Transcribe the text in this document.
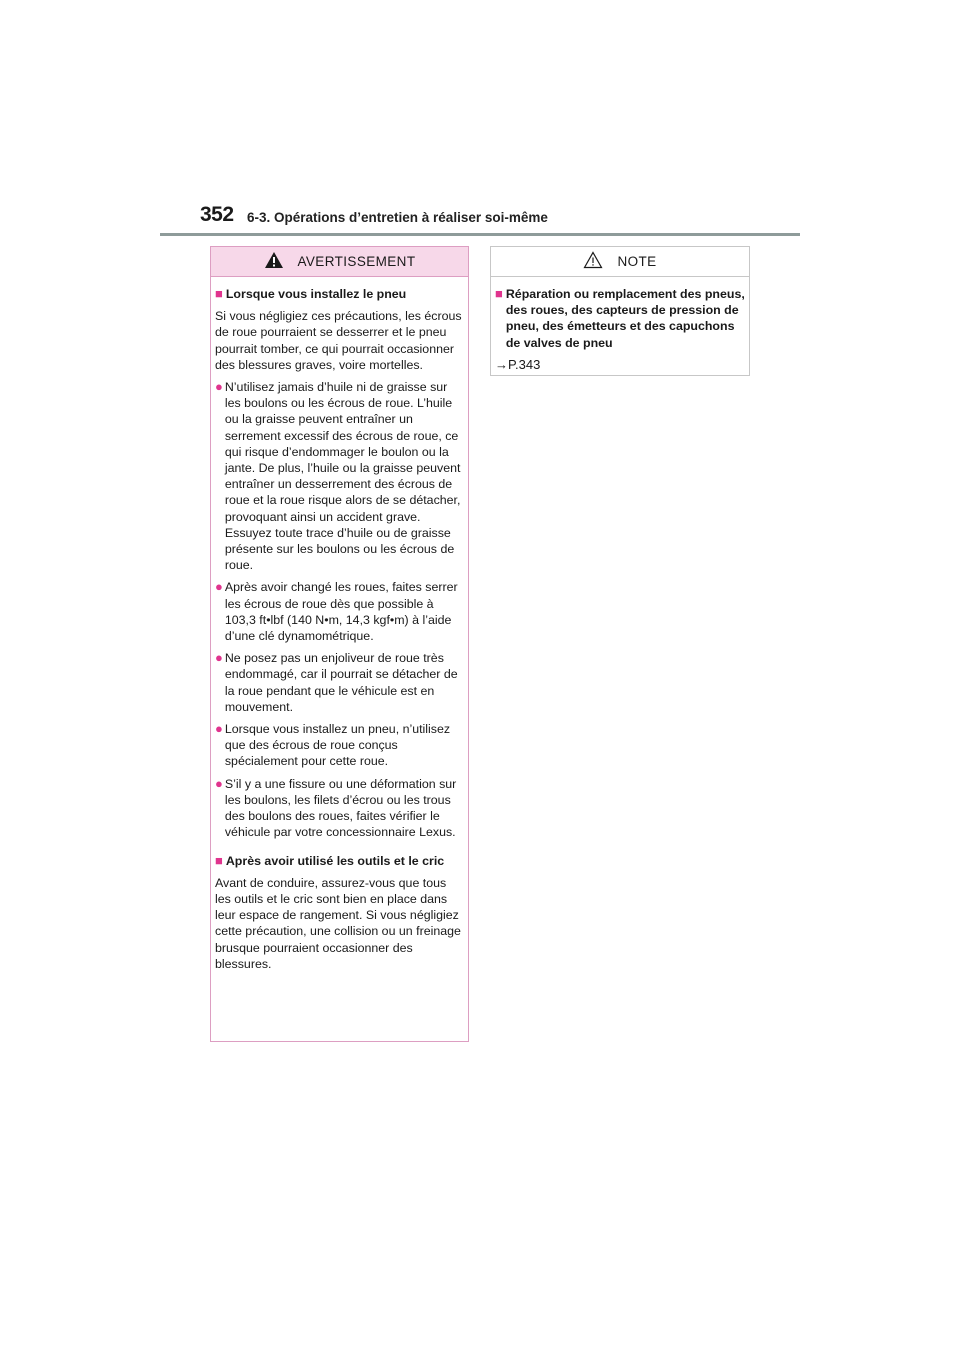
352 6-3. Opérations d’entretien à réaliser soi-même
AVERTISSEMENT
■ Lorsque vous installez le pneu

Si vous négligiez ces précautions, les écrous de roue pourraient se desserrer et le pneu pourrait tomber, ce qui pourrait occasionner des blessures graves, voire mortelles.

● N’utilisez jamais d’huile ni de graisse sur les boulons ou les écrous de roue. L’huile ou la graisse peuvent entraîner un serrement excessif des écrous de roue, ce qui risque d’endommager le boulon ou la jante. De plus, l’huile ou la graisse peuvent entraîner un desserrement des écrous de roue et la roue risque alors de se détacher, provoquant ainsi un accident grave. Essuyez toute trace d’huile ou de graisse présente sur les boulons ou les écrous de roue.
● Après avoir changé les roues, faites serrer les écrous de roue dès que possible à 103,3 ft•lbf (140 N•m, 14,3 kgf•m) à l’aide d’une clé dynamométrique.
● Ne posez pas un enjoliveur de roue très endommagé, car il pourrait se détacher de la roue pendant que le véhicule est en mouvement.
● Lorsque vous installez un pneu, n’utilisez que des écrous de roue conçus spécialement pour cette roue.
● S’il y a une fissure ou une déformation sur les boulons, les filets d’écrou ou les trous des boulons des roues, faites vérifier le véhicule par votre concessionnaire Lexus.
■ Après avoir utilisé les outils et le cric

Avant de conduire, assurez-vous que tous les outils et le cric sont bien en place dans leur espace de rangement. Si vous négligiez cette précaution, une collision ou un freinage brusque pourraient occasionner des blessures.

NOTE
■ Réparation ou remplacement des pneus, des roues, des capteurs de pression de pneu, des émetteurs et des capuchons de valves de pneu
→P.343
